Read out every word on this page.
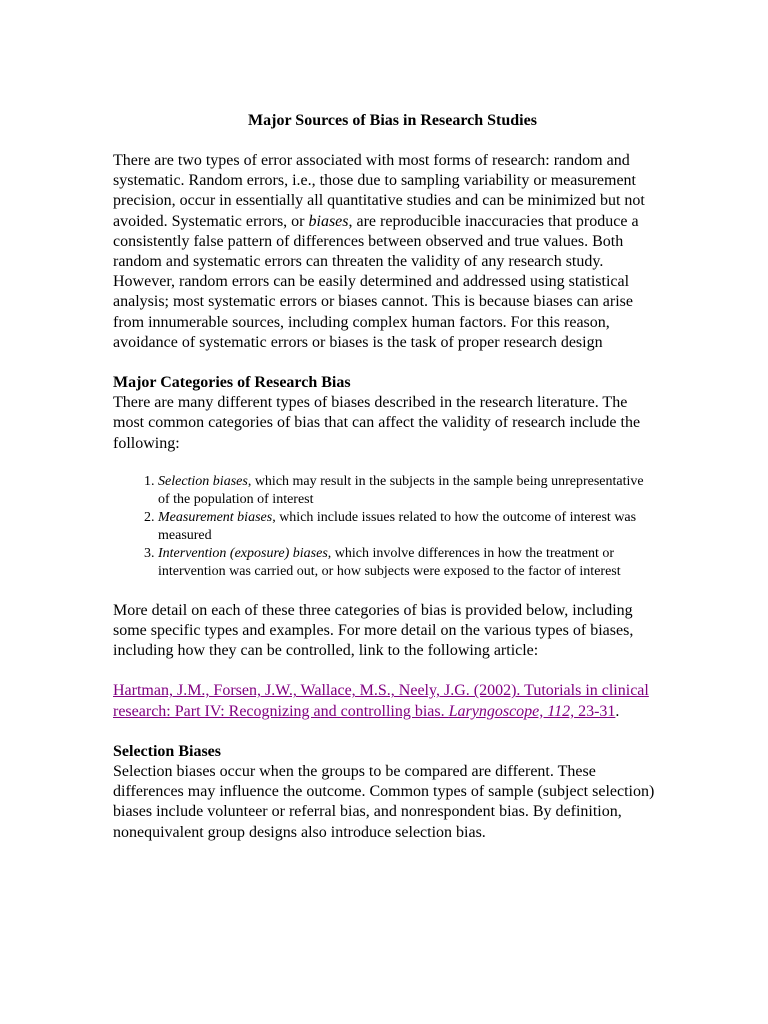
Major Sources of Bias in Research Studies

There are two types of error associated with most forms of research: random and systematic. Random errors, i.e., those due to sampling variability or measurement precision, occur in essentially all quantitative studies and can be minimized but not avoided. Systematic errors, or biases, are reproducible inaccuracies that produce a consistently false pattern of differences between observed and true values. Both random and systematic errors can threaten the validity of any research study. However, random errors can be easily determined and addressed using statistical analysis; most systematic errors or biases cannot. This is because biases can arise from innumerable sources, including complex human factors. For this reason, avoidance of systematic errors or biases is the task of proper research design

Major Categories of Research Bias

There are many different types of biases described in the research literature. The most common categories of bias that can affect the validity of research include the following:

1. Selection biases, which may result in the subjects in the sample being unrepresentative of the population of interest
2. Measurement biases, which include issues related to how the outcome of interest was measured
3. Intervention (exposure) biases, which involve differences in how the treatment or intervention was carried out, or how subjects were exposed to the factor of interest

More detail on each of these three categories of bias is provided below, including some specific types and examples. For more detail on the various types of biases, including how they can be controlled, link to the following article:

Hartman, J.M., Forsen, J.W., Wallace, M.S., Neely, J.G. (2002). Tutorials in clinical research: Part IV: Recognizing and controlling bias. Laryngoscope, 112, 23-31.

Selection Biases

Selection biases occur when the groups to be compared are different. These differences may influence the outcome. Common types of sample (subject selection) biases include volunteer or referral bias, and nonrespondent bias. By definition, nonequivalent group designs also introduce selection bias.
